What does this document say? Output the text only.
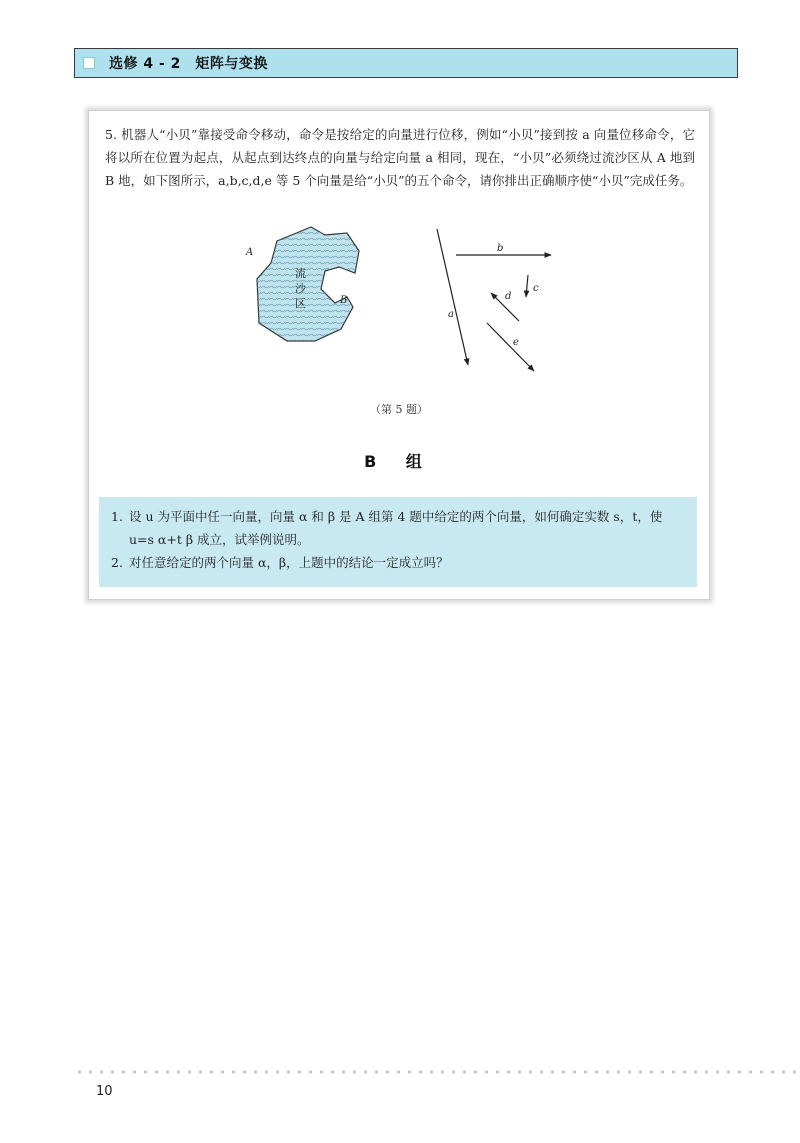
选修 4 - 2　矩阵与变换
5. 机器人“小贝”靠接受命令移动，命令是按给定的向量进行位移，例如“小贝”接到按 a 向量位移命令，它将以所在位置为起点，从起点到达终点的向量与给定向量 a 相同，现在，“小贝”必须绕过流沙区从 A 地到 B 地，如下图所示，a,b,c,d,e 等 5 个向量是给“小贝”的五个命令，请你排出正确顺序使“小贝”完成任务。
A
B
流
沙
区
a
b
c
d
e
（第 5 题）
B 组
1. 设 u 为平面中任一向量，向量 α 和 β 是 A 组第 4 题中给定的两个向量，如何确定实数 s，t，使 u=s α+t β 成立，试举例说明。
2. 对任意给定的两个向量 α，β，上题中的结论一定成立吗？
10
